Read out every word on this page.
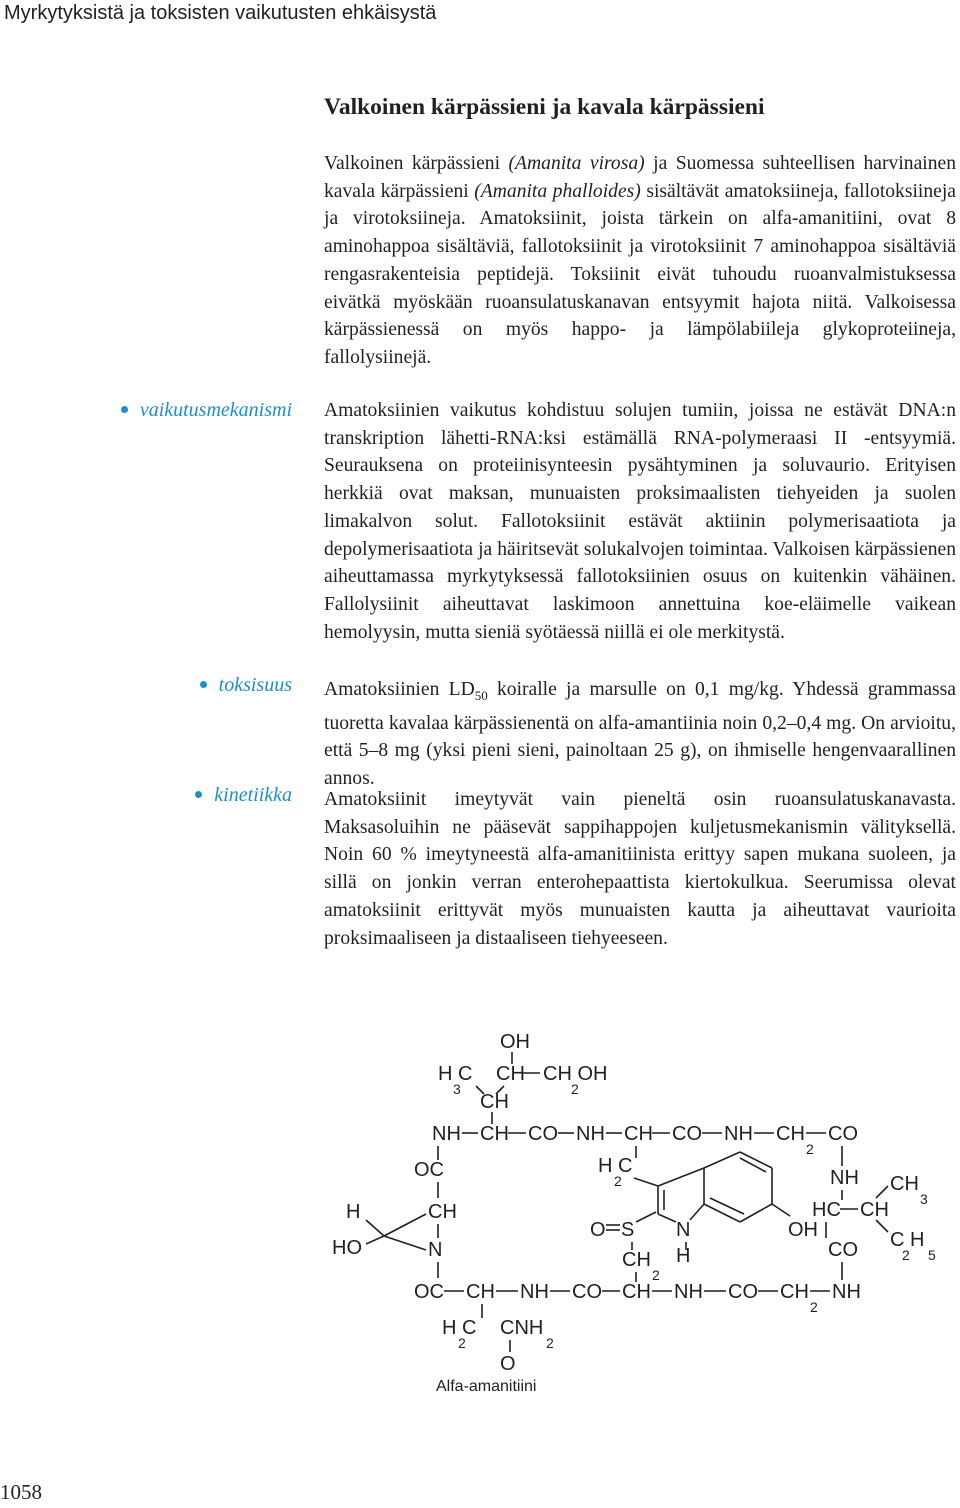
Myrkytyksistä ja toksisten vaikutusten ehkäisystä
Valkoinen kärpässieni ja kavala kärpässieni

Valkoinen kärpässieni (Amanita virosa) ja Suomessa suhteellisen harvinainen kavala kärpässieni (Amanita phalloides) sisältävät amatoksiineja, fallotoksiineja ja virotoksiineja. Amatoksiinit, joista tärkein on alfa-amanitiini, ovat 8 aminohappoa sisältäviä, fallotoksiinit ja virotoksiinit 7 aminohappoa sisältäviä rengasrakenteisia peptidejä. Toksiinit eivät tuhoudu ruoanvalmistuksessa eivätkä myöskään ruoansulatuskanavan entsyymit hajota niitä. Valkoisessa kärpässienessä on myös happo- ja lämpölabiileja glykoproteiineja, fallolysiinejä.

Amatoksiinien vaikutus kohdistuu solujen tumiin, joissa ne estävät DNA:n transkription lähetti-RNA:ksi estämällä RNA-polymeraasi II -entsyymiä. Seurauksena on proteiinisynteesin pysähtyminen ja soluvaurio. Erityisen herkkiä ovat maksan, munuaisten proksimaalisten tiehyeiden ja suolen limakalvon solut. Fallotoksiinit estävät aktiinin polymerisaatiota ja depolymerisaatiota ja häiritsevät solukalvojen toimintaa. Valkoisen kärpässienen aiheuttamassa myrkytyksessä fallotoksiinien osuus on kuitenkin vähäinen. Fallolysiinit aiheuttavat laskimoon annettuina koe-eläimelle vaikean hemolyysin, mutta sieniä syötäessä niillä ei ole merkitystä.

Amatoksiinien $LD_{50}$ koiralle ja marsulle on 0,1 mg/kg. Yhdessä grammassa tuoretta kavalaa kärpässienentä on alfa-amantiinia noin 0,2–0,4 mg. On arvioitu, että 5–8 mg (yksi pieni sieni, painoltaan 25 g), on ihmiselle hengenvaarallinen annos.

Amatoksiinit imeytyvät vain pieneltä osin ruoansulatuskanavasta. Maksasoluihin ne pääsevät sappihappojen kuljetusmekanismin välityksellä. Noin 60 % imeytyneestä alfa-amanitiinista erittyy sapen mukana suoleen, ja sillä on jonkin verran enterohepaattista kiertokulkua. Seerumissa olevat amatoksiinit erittyvät myös munuaisten kautta ja aiheuttavat vaurioita proksimaaliseen ja distaaliseen tiehyeeseen.

vaikutusmekanismi
toksisuus
kinetiikka
OH
H C
3
CH CH OH
2
CH
NH CH CO NH CH CO NH CH
2
CO
OC
CH
N
H
HO
H C
2
N
H
OH
O S
CH
2
NH
HC CH
CH
3
C H
2 5
CO
OC CH NH CO CH NH CO CH
2
NH
H C
2
CNH
2
O
Alfa-amanitiini
1058
